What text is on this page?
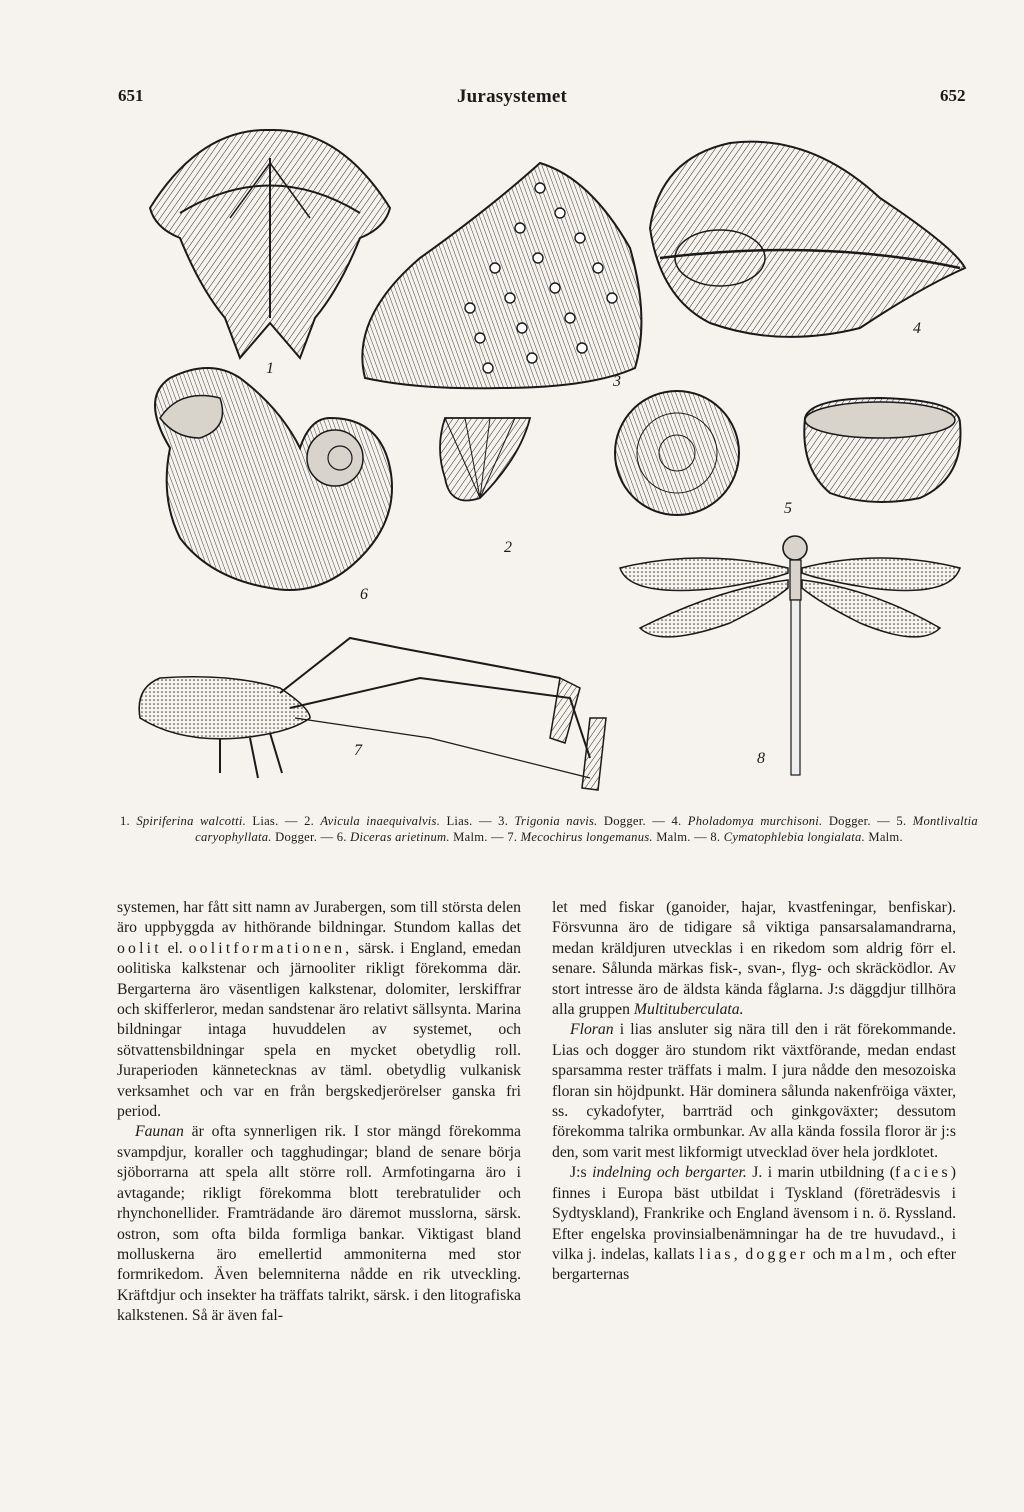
651	Jurasystemet	652
1
2
3
4
5
6
7	8
1. Spiriferina walcotti. Lias. — 2. Avicula inaequivalvis. Lias. — 3. Trigonia navis. Dogger. — 4. Pholadomya murchisoni. Dogger. — 5. Montlivaltia caryophyllata. Dogger. — 6. Diceras arietinum. Malm. — 7. Mecochirus longemanus. Malm. — 8. Cymatophlebia longialata. Malm.

systemen, har fått sitt namn av Jurabergen, som till största delen äro uppbyggda av hithörande bildningar. Stundom kallas det oolit el. oolitformationen, särsk. i England, emedan oolitiska kalkstenar och järnooliter rikligt förekomma där. Bergarterna äro väsentligen kalkstenar, dolomiter, lerskiffrar och skifferleror, medan sandstenar äro relativt sällsynta. Marina bildningar intaga huvuddelen av systemet, och sötvattensbildningar spela en mycket obetydlig roll. Juraperioden kännetecknas av täml. obetydlig vulkanisk verksamhet och var en från bergskedjerörelser ganska fri period.

Faunan är ofta synnerligen rik. I stor mängd förekomma svampdjur, koraller och tagghudingar; bland de senare börja sjöborrarna att spela allt större roll. Armfotingarna äro i avtagande; rikligt förekomma blott terebratulider och rhynchonellider. Framträdande äro däremot musslorna, särsk. ostron, som ofta bilda formliga bankar. Viktigast bland molluskerna äro emellertid ammoniterna med stor formrikedom. Även belemniterna nådde en rik utveckling. Kräftdjur och insekter ha träffats talrikt, särsk. i den litografiska kalkstenen. Så är även fal-

let med fiskar (ganoider, hajar, kvastfeningar, benfiskar). Försvunna äro de tidigare så viktiga pansarsalamandrarna, medan kräldjuren utvecklas i en rikedom som aldrig förr el. senare. Sålunda märkas fisk-, svan-, flyg- och skräcködlor. Av stort intresse äro de äldsta kända fåglarna. J:s däggdjur tillhöra alla gruppen Multituberculata.

Floran i lias ansluter sig nära till den i rät förekommande. Lias och dogger äro stundom rikt växtförande, medan endast sparsamma rester träffats i malm. I jura nådde den mesozoiska floran sin höjdpunkt. Här dominera sålunda nakenfröiga växter, ss. cykadofyter, barrträd och ginkgoväxter; dessutom förekomma talrika ormbunkar. Av alla kända fossila floror är j:s den, som varit mest likformigt utvecklad över hela jordklotet.

J:s indelning och bergarter. J. i marin utbildning (facies) finnes i Europa bäst utbildat i Tyskland (företrädesvis i Sydtyskland), Frankrike och England ävensom i n. ö. Ryssland. Efter engelska provinsialbenämningar ha de tre huvudavd., i vilka j. indelas, kallats lias, dogger och malm, och efter bergarternas
